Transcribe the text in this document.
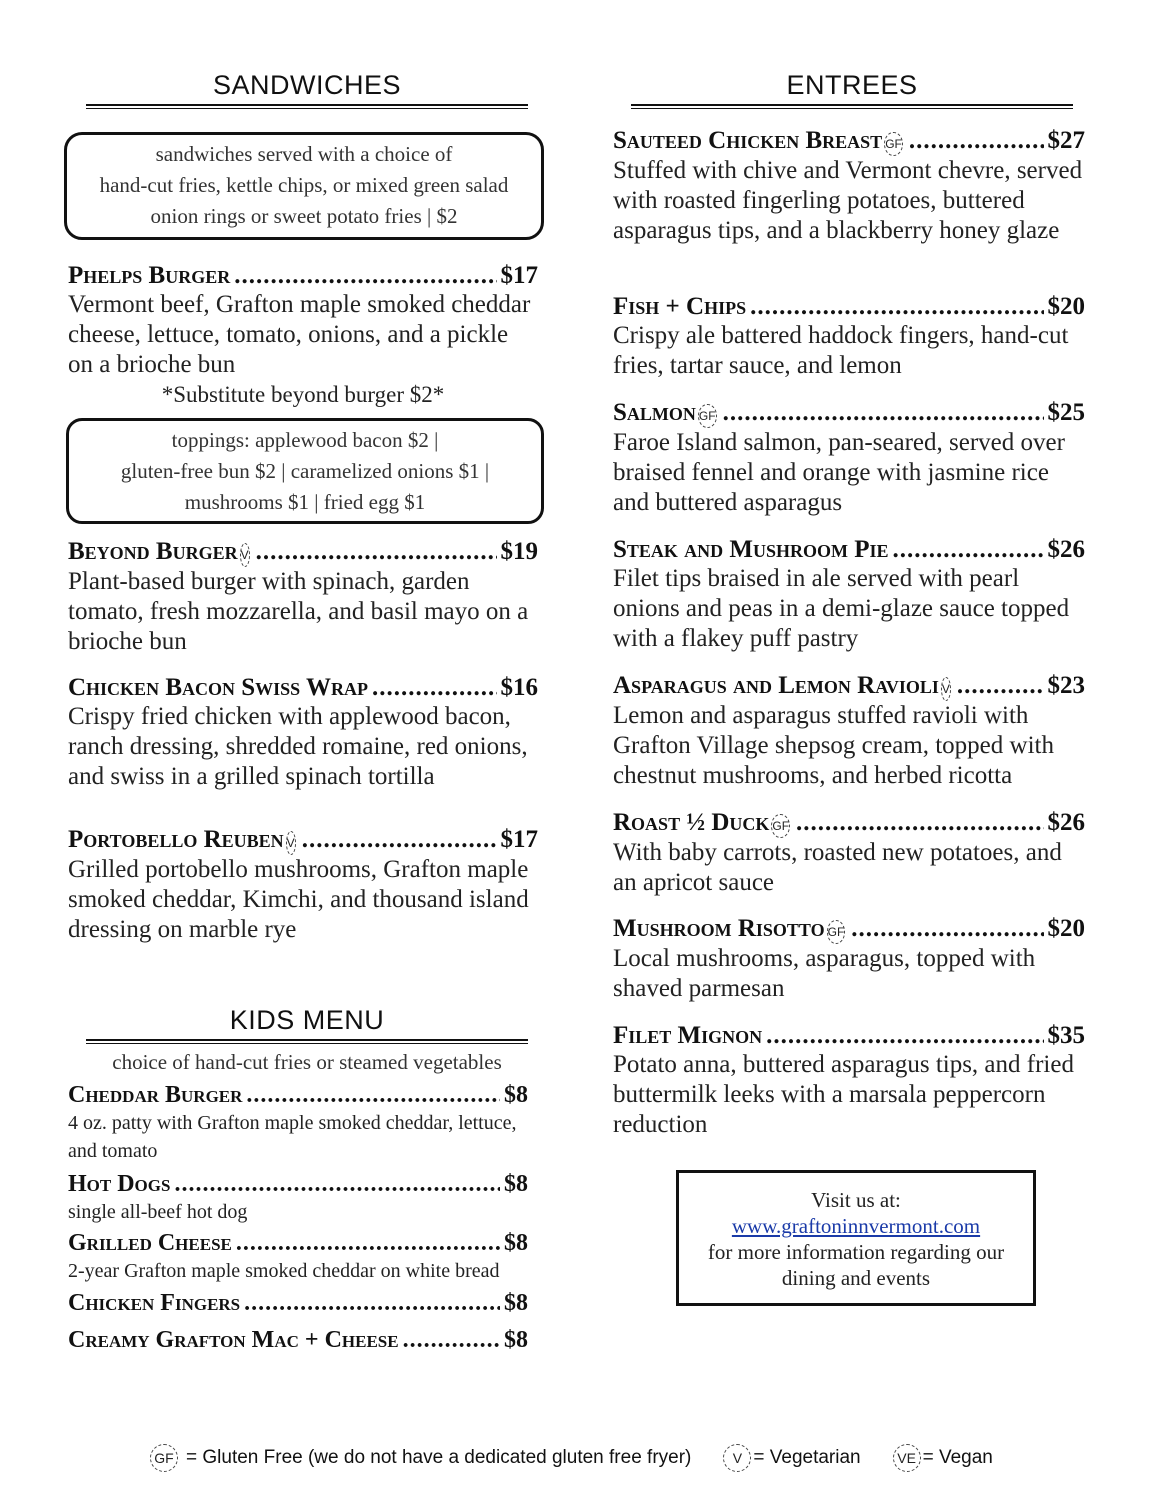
SANDWICHES
sandwiches served with a choice of
hand-cut fries, kettle chips, or mixed green salad
onion rings or sweet potato fries | $2
Phelps Burger .....	$17
Vermont beef, Grafton maple smoked cheddar cheese, lettuce, tomato, onions, and a pickle on a brioche bun
*Substitute beyond burger $2*
toppings: applewood bacon $2 |
gluten-free bun $2 | caramelized onions $1 |
mushrooms $1 | fried egg $1
Beyond Burger V .....	$19
Plant-based burger with spinach, garden tomato, fresh mozzarella, and basil mayo on a brioche bun
Chicken Bacon Swiss Wrap .....	$16
Crispy fried chicken with applewood bacon, ranch dressing, shredded romaine, red onions, and swiss in a grilled spinach tortilla
Portobello Reuben V .....	$17
Grilled portobello mushrooms, Grafton maple smoked cheddar, Kimchi, and thousand island dressing on marble rye
KIDS MENU
choice of hand-cut fries or steamed vegetables
Cheddar Burger .....	$8
4 oz. patty with Grafton maple smoked cheddar, lettuce, and tomato
Hot Dogs .....	$8
single all-beef hot dog
Grilled Cheese .....	$8
2-year Grafton maple smoked cheddar on white bread
Chicken Fingers .....	$8
Creamy Grafton Mac + Cheese .....	$8
ENTREES
Sauteed Chicken Breast GF .....	$27
Stuffed with chive and Vermont chevre, served with roasted fingerling potatoes, buttered asparagus tips, and a blackberry honey glaze
Fish + Chips .....	$20
Crispy ale battered haddock fingers, hand-cut fries, tartar sauce, and lemon
Salmon GF .....	$25
Faroe Island salmon, pan-seared, served over braised fennel and orange with jasmine rice and buttered asparagus
Steak and Mushroom Pie .....	$26
Filet tips braised in ale served with pearl onions and peas in a demi-glaze sauce topped with a flakey puff pastry
Asparagus and Lemon Ravioli V .....	$23
Lemon and asparagus stuffed ravioli with Grafton Village shepsog cream, topped with chestnut mushrooms, and herbed ricotta
Roast ½ Duck GF .....	$26
With baby carrots, roasted new potatoes, and an apricot sauce
Mushroom Risotto GF .....	$20
Local mushrooms, asparagus, topped with shaved parmesan
Filet Mignon .....	$35
Potato anna, buttered asparagus tips, and fried buttermilk leeks with a marsala peppercorn reduction
Visit us at:
www.graftoninnvermont.com
for more information regarding our
dining and events
GF = Gluten Free (we do not have a dedicated gluten free fryer)	V = Vegetarian	VE = Vegan
